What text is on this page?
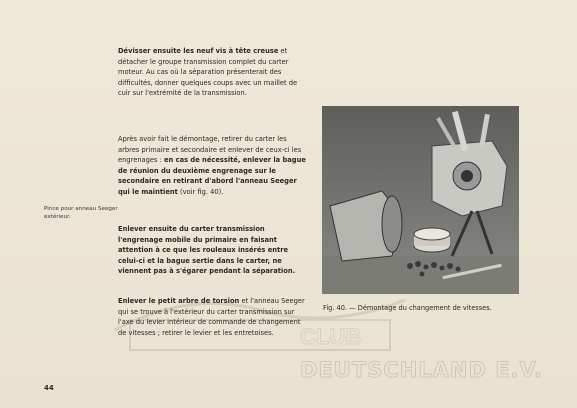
CLUB
Dévisser ensuite les neuf vis à tête creuse et détacher le groupe transmission complet du carter moteur. Au cas où la séparation présenterait des difficultés, donner quelques coups avec un maillet de cuir sur l'extrémité de la transmission.
Après avoir fait le démontage, retirer du carter les arbres primaire et secondaire et enlever de ceux-ci les engrenages : en cas de nécessité, enlever la bague de réunion du deuxième engrenage sur le secondaire en retirant d'abord l'anneau Seeger qui le maintient (voir fig. 40).
Enlever ensuite du carter transmission l'engrenage mobile du primaire en faisant attention à ce que les rouleaux insérés entre celui-ci et la bague sertie dans le carter, ne viennent pas à s'égarer pendant la séparation.
Enlever le petit arbre de torsion et l'anneau Seeger qui se trouve à l'extérieur du carter transmission sur l'axe du levier intérieur de commande de changement de vitesses ; retirer le levier et les entretoises.
Pince pour anneau Seeger extérieur.
Fig. 40. — Démontage du changement de vitesses.
44
DEUTSCHLAND E.V.
